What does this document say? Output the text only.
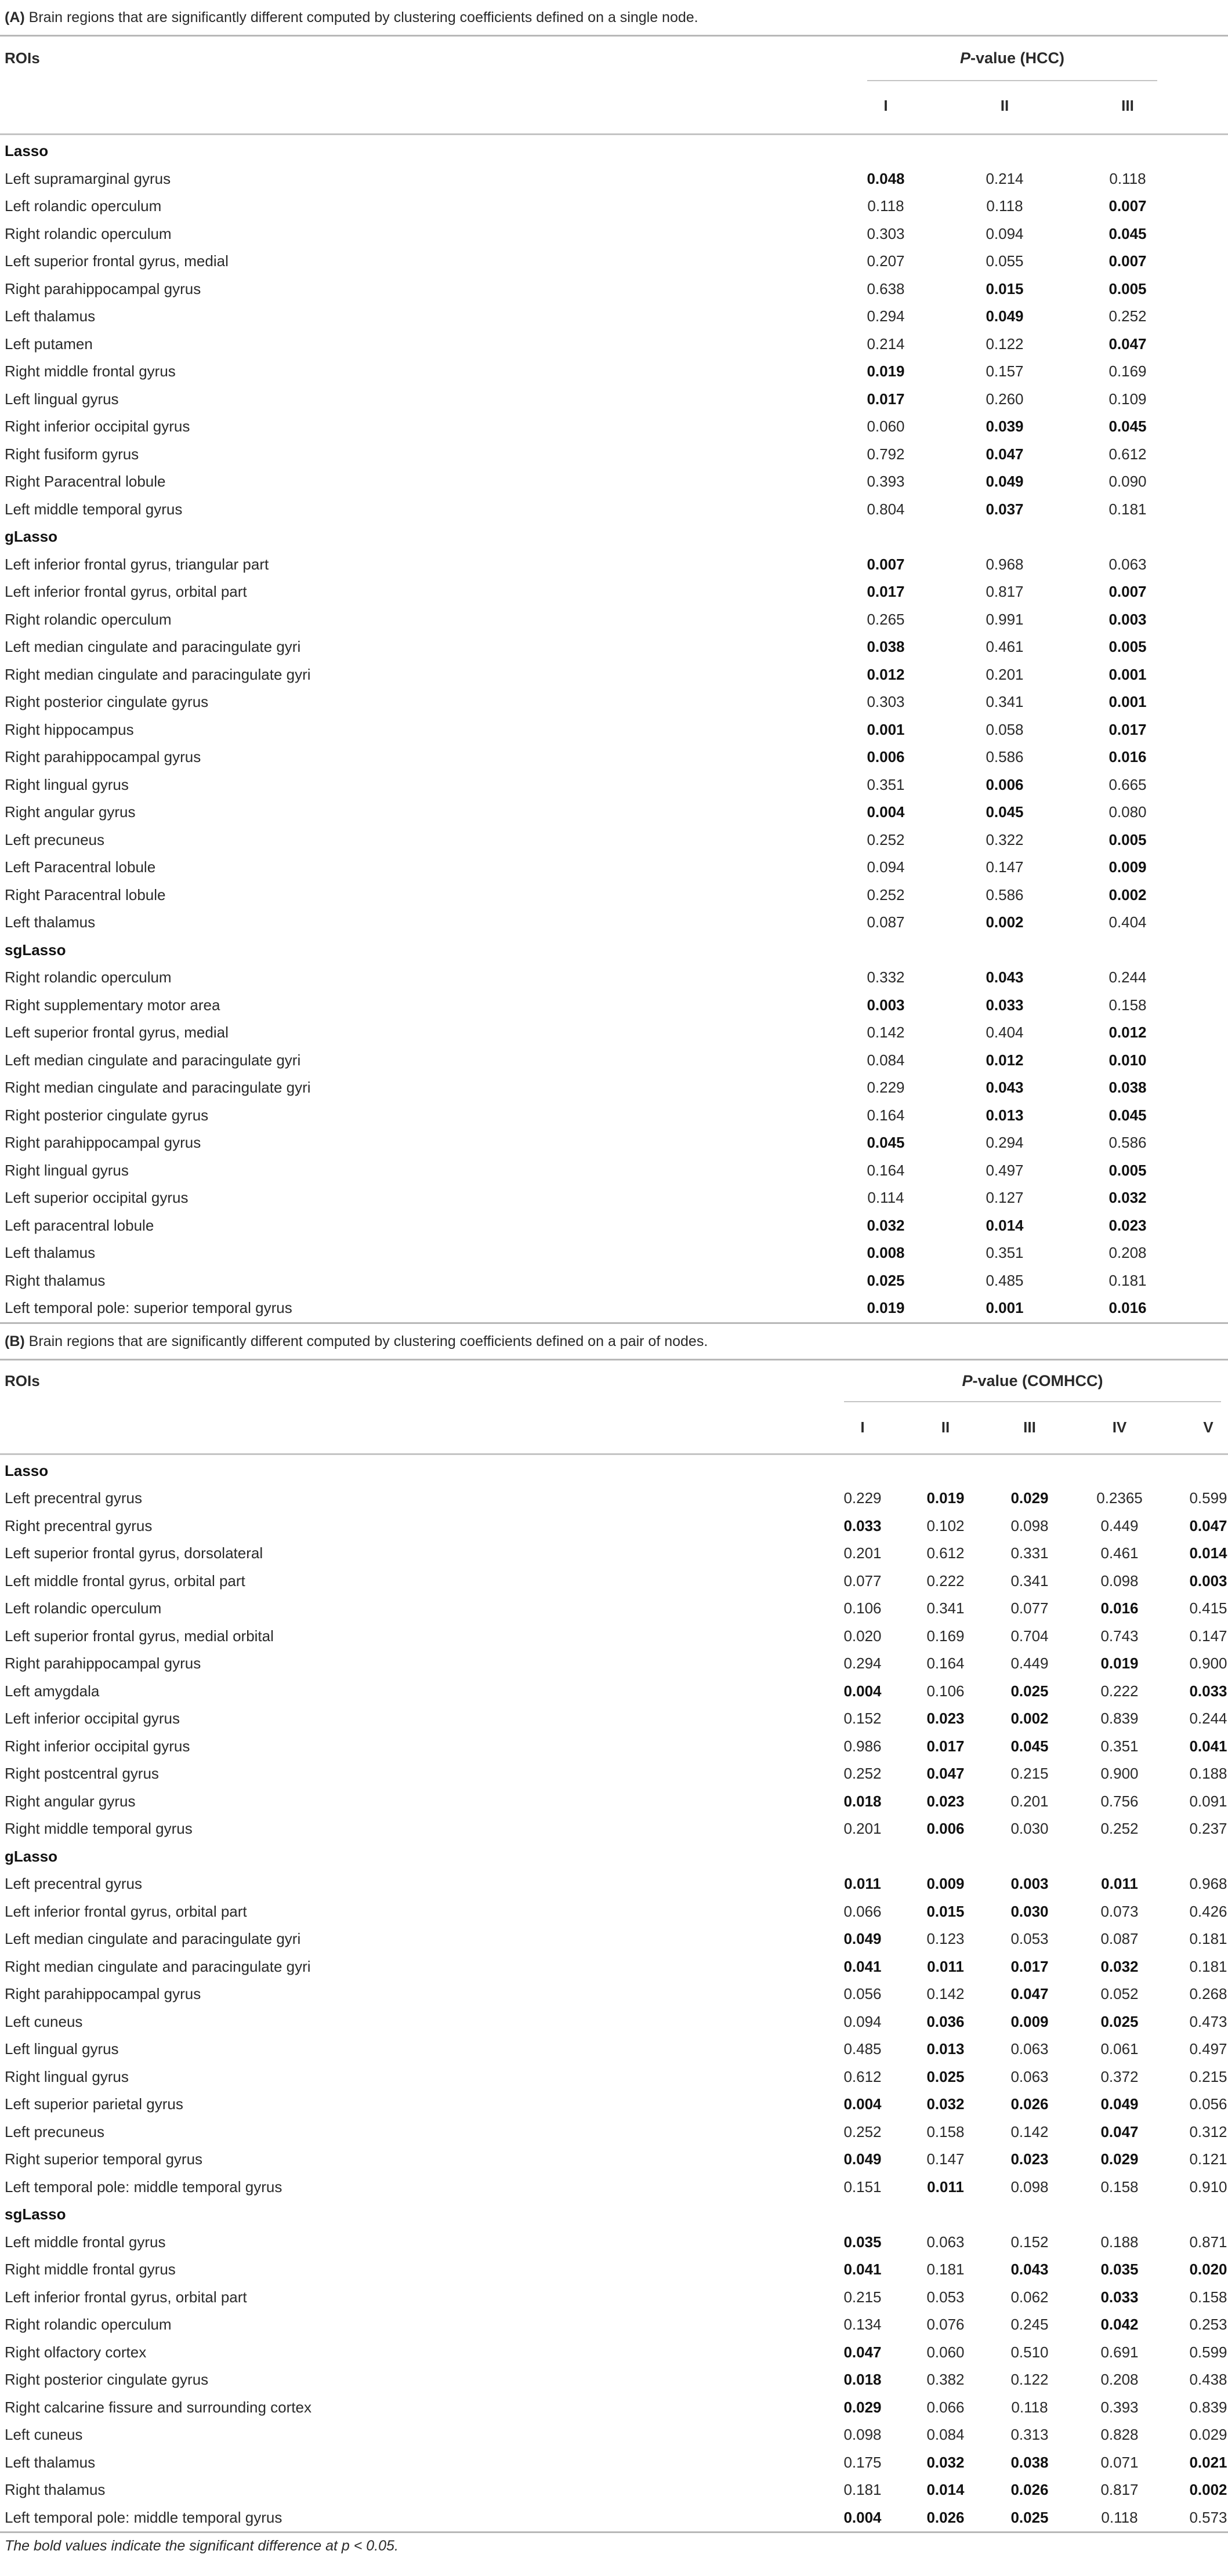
(A) Brain regions that are significantly different computed by clustering coefficients defined on a single node.
ROIs	P-value (HCC)
I	II	III
Lasso
Left supramarginal gyrus	0.048	0.214	0.118
Left rolandic operculum	0.118	0.118	0.007
Right rolandic operculum	0.303	0.094	0.045
Left superior frontal gyrus, medial	0.207	0.055	0.007
Right parahippocampal gyrus	0.638	0.015	0.005
Left thalamus	0.294	0.049	0.252
Left putamen	0.214	0.122	0.047
Right middle frontal gyrus	0.019	0.157	0.169
Left lingual gyrus	0.017	0.260	0.109
Right inferior occipital gyrus	0.060	0.039	0.045
Right fusiform gyrus	0.792	0.047	0.612
Right Paracentral lobule	0.393	0.049	0.090
Left middle temporal gyrus	0.804	0.037	0.181
gLasso
Left inferior frontal gyrus, triangular part	0.007	0.968	0.063
Left inferior frontal gyrus, orbital part	0.017	0.817	0.007
Right rolandic operculum	0.265	0.991	0.003
Left median cingulate and paracingulate gyri	0.038	0.461	0.005
Right median cingulate and paracingulate gyri	0.012	0.201	0.001
Right posterior cingulate gyrus	0.303	0.341	0.001
Right hippocampus	0.001	0.058	0.017
Right parahippocampal gyrus	0.006	0.586	0.016
Right lingual gyrus	0.351	0.006	0.665
Right angular gyrus	0.004	0.045	0.080
Left precuneus	0.252	0.322	0.005
Left Paracentral lobule	0.094	0.147	0.009
Right Paracentral lobule	0.252	0.586	0.002
Left thalamus	0.087	0.002	0.404
sgLasso
Right rolandic operculum	0.332	0.043	0.244
Right supplementary motor area	0.003	0.033	0.158
Left superior frontal gyrus, medial	0.142	0.404	0.012
Left median cingulate and paracingulate gyri	0.084	0.012	0.010
Right median cingulate and paracingulate gyri	0.229	0.043	0.038
Right posterior cingulate gyrus	0.164	0.013	0.045
Right parahippocampal gyrus	0.045	0.294	0.586
Right lingual gyrus	0.164	0.497	0.005
Left superior occipital gyrus	0.114	0.127	0.032
Left paracentral lobule	0.032	0.014	0.023
Left thalamus	0.008	0.351	0.208
Right thalamus	0.025	0.485	0.181
Left temporal pole: superior temporal gyrus	0.019	0.001	0.016
(B) Brain regions that are significantly different computed by clustering coefficients defined on a pair of nodes.
ROIs	P-value (COMHCC)
I	II	III	IV	V
Lasso
Left precentral gyrus	0.229	0.019	0.029	0.2365	0.599
Right precentral gyrus	0.033	0.102	0.098	0.449	0.047
Left superior frontal gyrus, dorsolateral	0.201	0.612	0.331	0.461	0.014
Left middle frontal gyrus, orbital part	0.077	0.222	0.341	0.098	0.003
Left rolandic operculum	0.106	0.341	0.077	0.016	0.415
Left superior frontal gyrus, medial orbital	0.020	0.169	0.704	0.743	0.147
Right parahippocampal gyrus	0.294	0.164	0.449	0.019	0.900
Left amygdala	0.004	0.106	0.025	0.222	0.033
Left inferior occipital gyrus	0.152	0.023	0.002	0.839	0.244
Right inferior occipital gyrus	0.986	0.017	0.045	0.351	0.041
Right postcentral gyrus	0.252	0.047	0.215	0.900	0.188
Right angular gyrus	0.018	0.023	0.201	0.756	0.091
Right middle temporal gyrus	0.201	0.006	0.030	0.252	0.237
gLasso
Left precentral gyrus	0.011	0.009	0.003	0.011	0.968
Left inferior frontal gyrus, orbital part	0.066	0.015	0.030	0.073	0.426
Left median cingulate and paracingulate gyri	0.049	0.123	0.053	0.087	0.181
Right median cingulate and paracingulate gyri	0.041	0.011	0.017	0.032	0.181
Right parahippocampal gyrus	0.056	0.142	0.047	0.052	0.268
Left cuneus	0.094	0.036	0.009	0.025	0.473
Left lingual gyrus	0.485	0.013	0.063	0.061	0.497
Right lingual gyrus	0.612	0.025	0.063	0.372	0.215
Left superior parietal gyrus	0.004	0.032	0.026	0.049	0.056
Left precuneus	0.252	0.158	0.142	0.047	0.312
Right superior temporal gyrus	0.049	0.147	0.023	0.029	0.121
Left temporal pole: middle temporal gyrus	0.151	0.011	0.098	0.158	0.910
sgLasso
Left middle frontal gyrus	0.035	0.063	0.152	0.188	0.871
Right middle frontal gyrus	0.041	0.181	0.043	0.035	0.020
Left inferior frontal gyrus, orbital part	0.215	0.053	0.062	0.033	0.158
Right rolandic operculum	0.134	0.076	0.245	0.042	0.253
Right olfactory cortex	0.047	0.060	0.510	0.691	0.599
Right posterior cingulate gyrus	0.018	0.382	0.122	0.208	0.438
Right calcarine fissure and surrounding cortex	0.029	0.066	0.118	0.393	0.839
Left cuneus	0.098	0.084	0.313	0.828	0.029
Left thalamus	0.175	0.032	0.038	0.071	0.021
Right thalamus	0.181	0.014	0.026	0.817	0.002
Left temporal pole: middle temporal gyrus	0.004	0.026	0.025	0.118	0.573
The bold values indicate the significant difference at p < 0.05.
